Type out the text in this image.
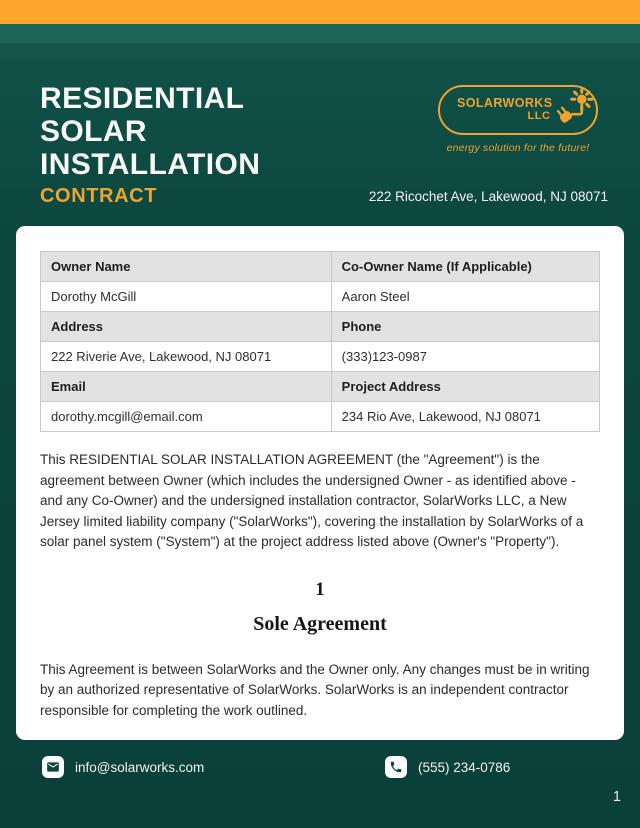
RESIDENTIAL
SOLAR
INSTALLATION
CONTRACT
SOLARWORKS
LLC
energy solution for the future!
222 Ricochet Ave, Lakewood, NJ 08071
Owner Name	Co-Owner Name (If Applicable)
Dorothy McGill	Aaron Steel
Address	Phone
222 Riverie Ave, Lakewood, NJ 08071	(333)123-0987
Email	Project Address
dorothy.mcgill@email.com	234 Rio Ave, Lakewood, NJ 08071

This RESIDENTIAL SOLAR INSTALLATION AGREEMENT (the "Agreement") is the agreement between Owner (which includes the undersigned Owner - as identified above - and any Co-Owner) and the undersigned installation contractor, SolarWorks LLC, a New Jersey limited liability company ("SolarWorks"), covering the installation by SolarWorks of a solar panel system ("System") at the project address listed above (Owner's "Property").

1
Sole Agreement

This Agreement is between SolarWorks and the Owner only. Any changes must be in writing by an authorized representative of SolarWorks. SolarWorks is an independent contractor responsible for completing the work outlined.

info@solarworks.com	(555) 234-0786
1
